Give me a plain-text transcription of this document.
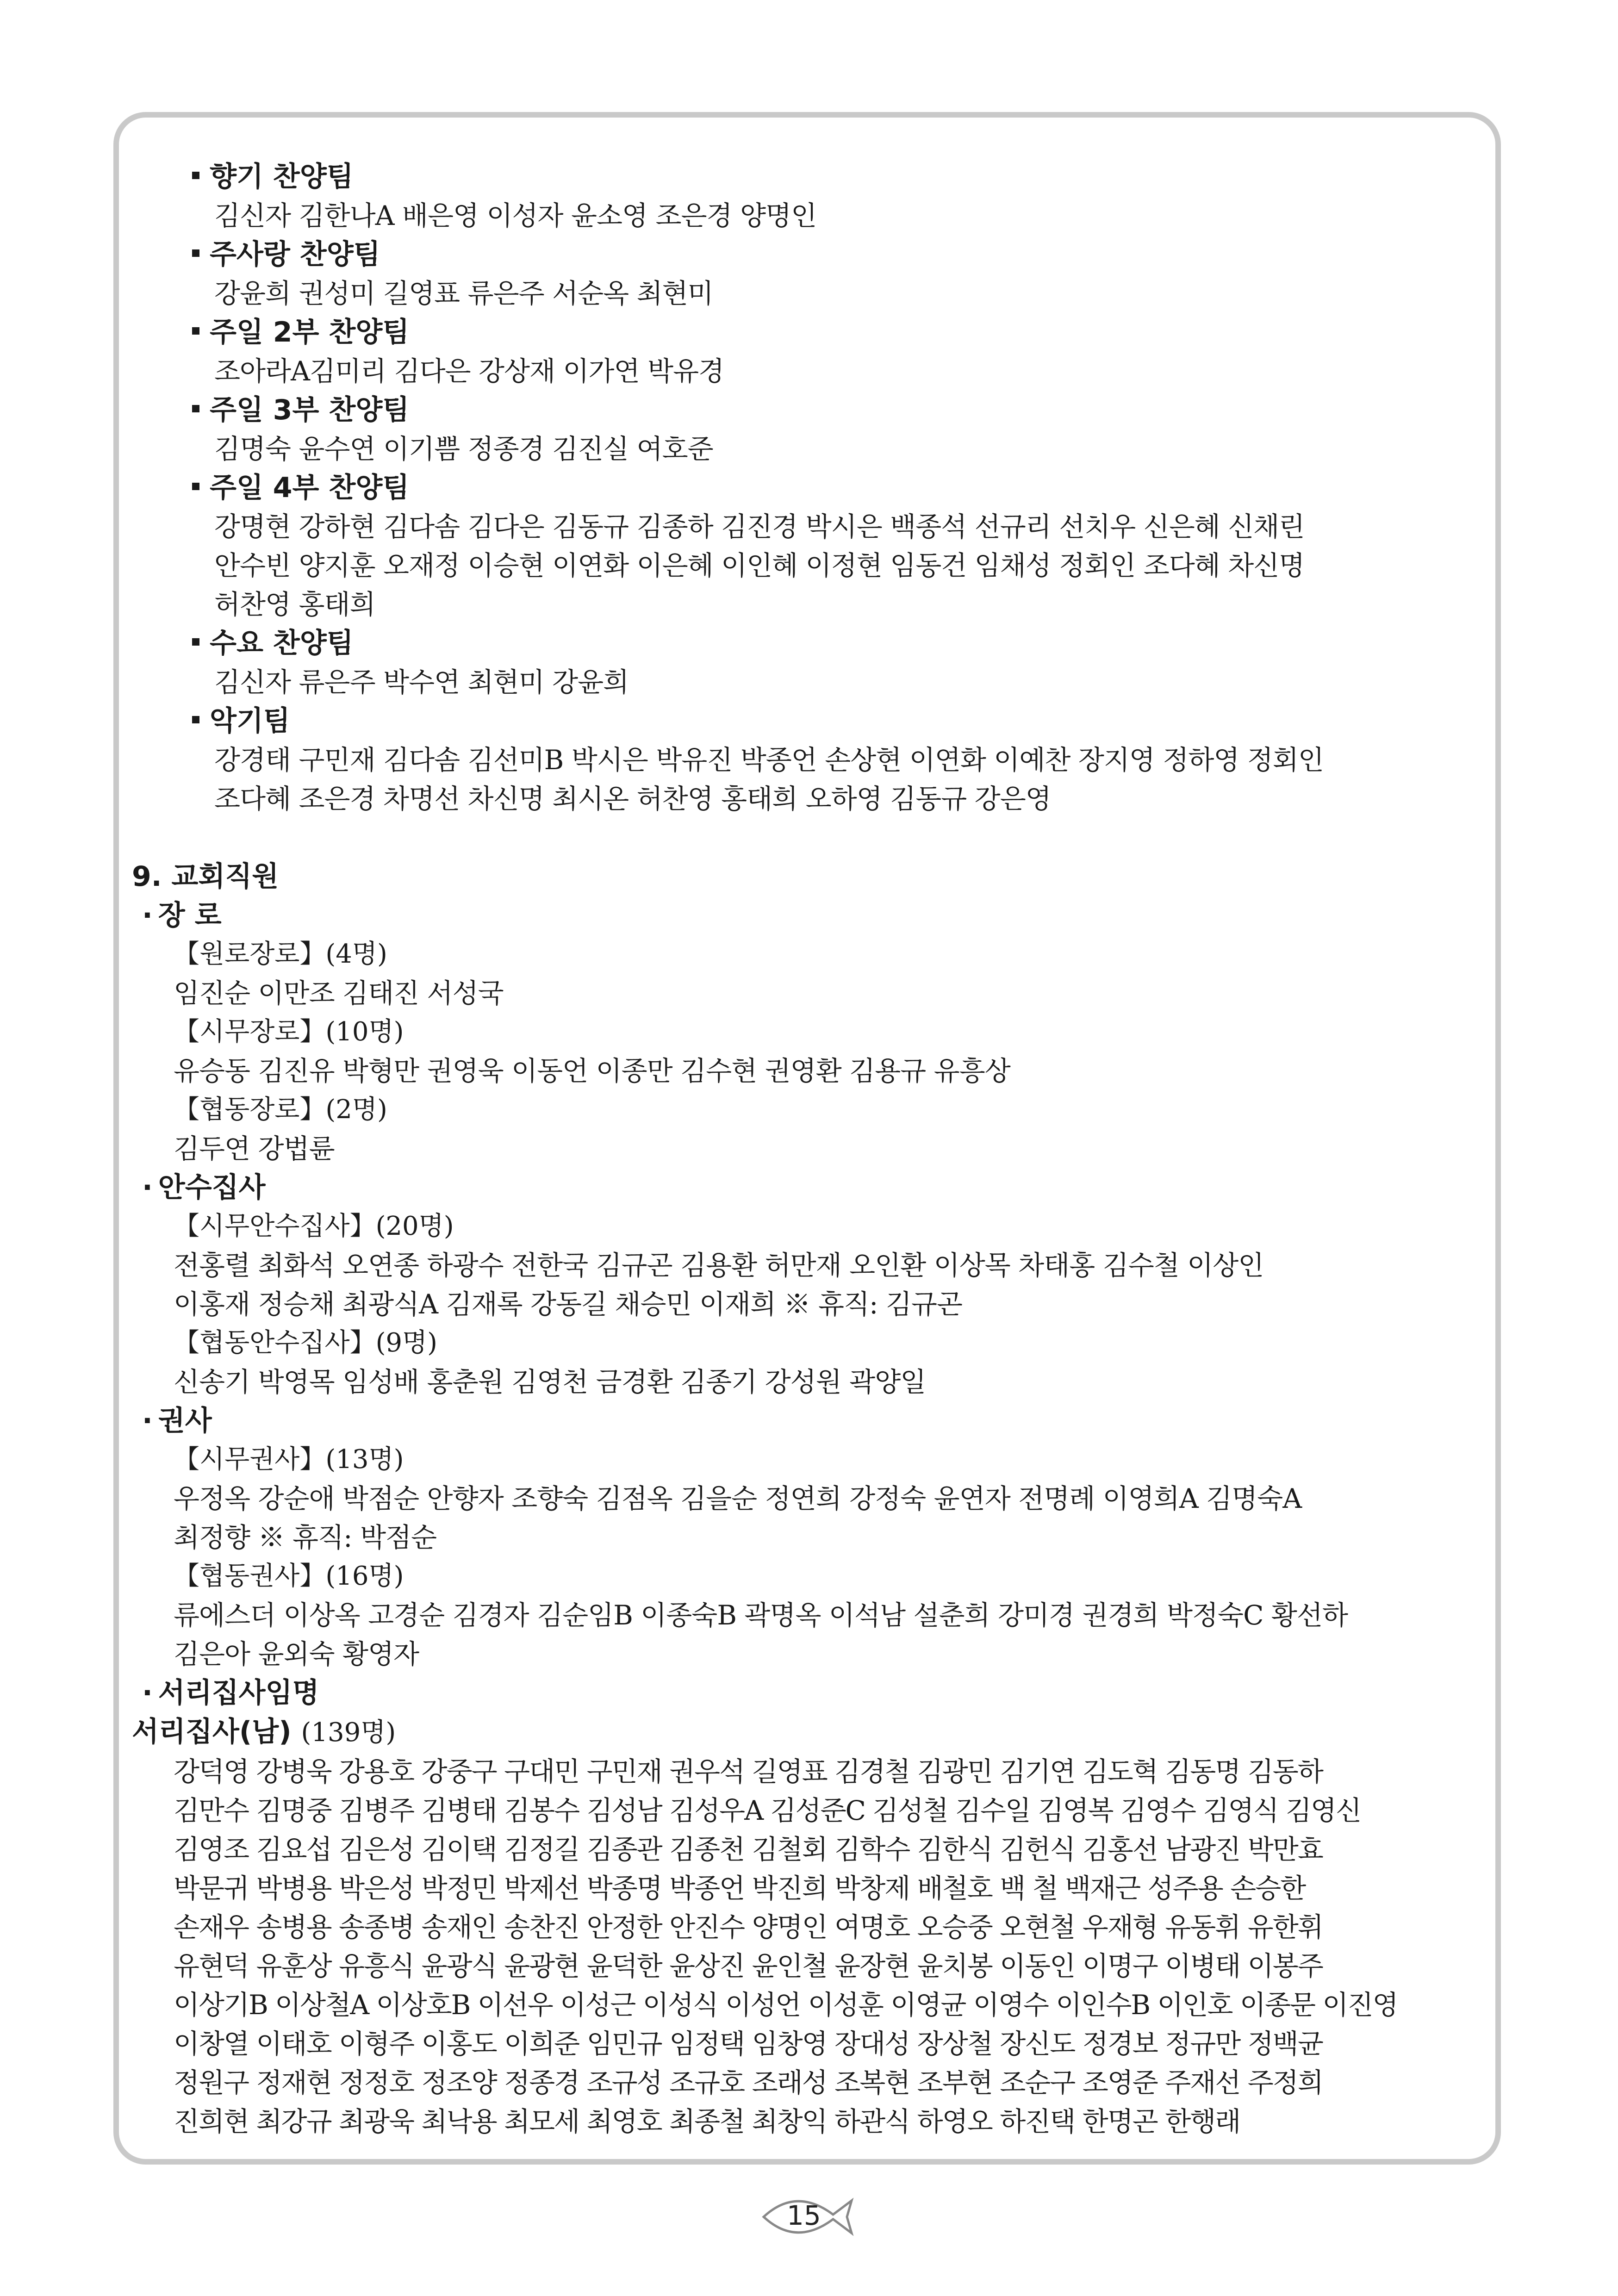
향기 찬양팀
김신자 김한나A 배은영 이성자 윤소영 조은경 양명인
주사랑 찬양팀
강윤희 권성미 길영표 류은주 서순옥 최현미
주일 2부 찬양팀
조아라A김미리 김다은 강상재 이가연 박유경
주일 3부 찬양팀
김명숙 윤수연 이기쁨 정종경 김진실 여호준
주일 4부 찬양팀
강명현 강하현 김다솜 김다은 김동규 김종하 김진경 박시은 백종석 선규리 선치우 신은혜 신채린
안수빈 양지훈 오재정 이승현 이연화 이은혜 이인혜 이정현 임동건 임채성 정회인 조다혜 차신명
허찬영 홍태희
수요 찬양팀
김신자 류은주 박수연 최현미 강윤희
악기팀
강경태 구민재 김다솜 김선미B 박시은 박유진 박종언 손상현 이연화 이예찬 장지영 정하영 정회인
조다혜 조은경 차명선 차신명 최시온 허찬영 홍태희 오하영 김동규 강은영
9. 교회직원
· 장 로
【원로장로】(4명)
임진순 이만조 김태진 서성국
【시무장로】(10명)
유승동 김진유 박형만 권영욱 이동언 이종만 김수현 권영환 김용규 유흥상
【협동장로】(2명)
김두연 강법륜
· 안수집사
【시무안수집사】(20명)
전홍렬 최화석 오연종 하광수 전한국 김규곤 김용환 허만재 오인환 이상목 차태홍 김수철 이상인
이홍재 정승채 최광식A 김재록 강동길 채승민 이재희 ※ 휴직: 김규곤
【협동안수집사】(9명)
신송기 박영목 임성배 홍춘원 김영천 금경환 김종기 강성원 곽양일
· 권사
【시무권사】(13명)
우정옥 강순애 박점순 안향자 조향숙 김점옥 김을순 정연희 강정숙 윤연자 전명례 이영희A 김명숙A
최정향 ※ 휴직: 박점순
【협동권사】(16명)
류에스더 이상옥 고경순 김경자 김순임B 이종숙B 곽명옥 이석남 설춘희 강미경 권경희 박정숙C 황선하
김은아 윤외숙 황영자
· 서리집사임명
서리집사(남) (139명)
강덕영 강병욱 강용호 강중구 구대민 구민재 권우석 길영표 김경철 김광민 김기연 김도혁 김동명 김동하
김만수 김명중 김병주 김병태 김봉수 김성남 김성우A 김성준C 김성철 김수일 김영복 김영수 김영식 김영신
김영조 김요섭 김은성 김이택 김정길 김종관 김종천 김철회 김학수 김한식 김헌식 김홍선 남광진 박만효
박문귀 박병용 박은성 박정민 박제선 박종명 박종언 박진희 박창제 배철호 백 철 백재근 성주용 손승한
손재우 송병용 송종병 송재인 송찬진 안정한 안진수 양명인 여명호 오승중 오현철 우재형 유동휘 유한휘
유현덕 유훈상 유흥식 윤광식 윤광현 윤덕한 윤상진 윤인철 윤장현 윤치봉 이동인 이명구 이병태 이봉주
이상기B 이상철A 이상호B 이선우 이성근 이성식 이성언 이성훈 이영균 이영수 이인수B 이인호 이종문 이진영
이창열 이태호 이형주 이홍도 이희준 임민규 임정택 임창영 장대성 장상철 장신도 정경보 정규만 정백균
정원구 정재현 정정호 정조양 정종경 조규성 조규호 조래성 조복현 조부현 조순구 조영준 주재선 주정희
진희현 최강규 최광욱 최낙용 최모세 최영호 최종철 최창익 하관식 하영오 하진택 한명곤 한행래
15
